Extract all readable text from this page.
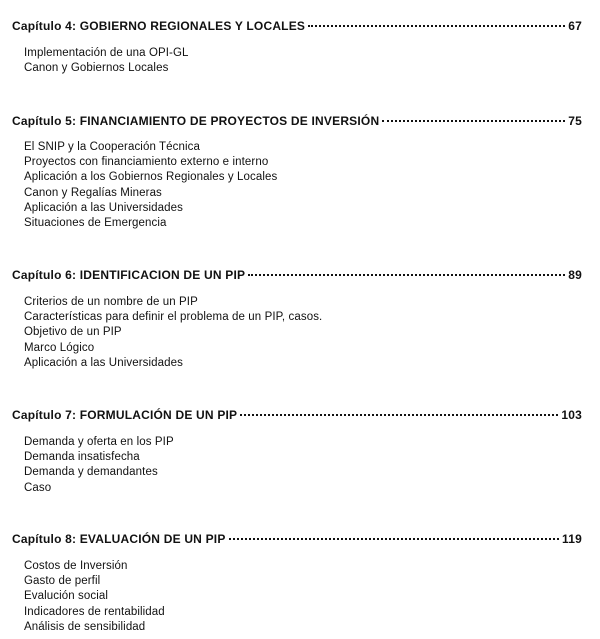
Capítulo 4: GOBIERNO REGIONALES Y LOCALES	67
Implementación de una OPI-GL
Canon y Gobiernos Locales
Capítulo 5: FINANCIAMIENTO DE PROYECTOS DE INVERSIÓN	75
El SNIP y la Cooperación Técnica
Proyectos con financiamiento externo e interno
Aplicación a los Gobiernos Regionales y Locales
Canon y Regalías Mineras
Aplicación a las Universidades
Situaciones de Emergencia
Capítulo 6: IDENTIFICACION DE UN PIP	89
Criterios de un nombre de un PIP
Características para definir el problema de un PIP, casos.
Objetivo de un PIP
Marco Lógico
Aplicación a las Universidades
Capítulo 7: FORMULACIÓN DE UN PIP	103
Demanda y oferta en los PIP
Demanda insatisfecha
Demanda y demandantes
Caso
Capítulo 8: EVALUACIÓN DE UN PIP	119
Costos de Inversión
Gasto de perfil
Evalución social
Indicadores de rentabilidad
Análisis de sensibilidad
